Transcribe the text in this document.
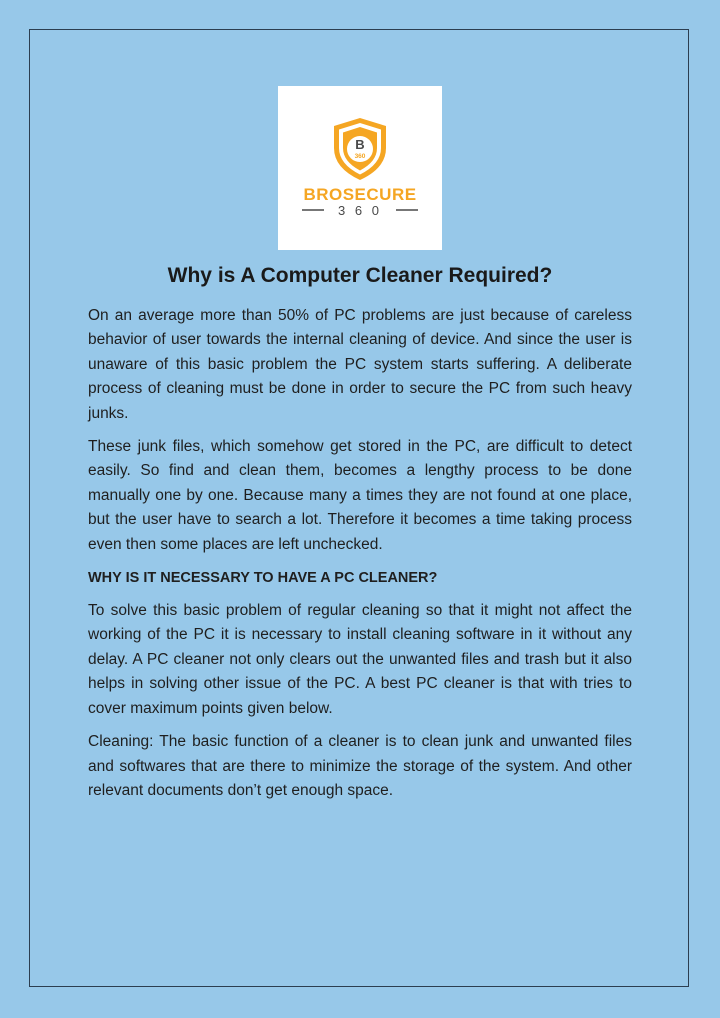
B
360
BROSECURE
3 6 0
Why is A Computer Cleaner Required?

On an average more than 50% of PC problems are just because of careless behavior of user towards the internal cleaning of device. And since the user is unaware of this basic problem the PC system starts suffering. A deliberate process of cleaning must be done in order to secure the PC from such heavy junks.

These junk files, which somehow get stored in the PC, are difficult to detect easily. So find and clean them, becomes a lengthy process to be done manually one by one. Because many a times they are not found at one place, but the user have to search a lot. Therefore it becomes a time taking process even then some places are left unchecked.

WHY IS IT NECESSARY TO HAVE A PC CLEANER?

To solve this basic problem of regular cleaning so that it might not affect the working of the PC it is necessary to install cleaning software in it without any delay. A PC cleaner not only clears out the unwanted files and trash but it also helps in solving other issue of the PC. A best PC cleaner is that with tries to cover maximum points given below.

Cleaning: The basic function of a cleaner is to clean junk and unwanted files and softwares that are there to minimize the storage of the system. And other relevant documents don’t get enough space.
